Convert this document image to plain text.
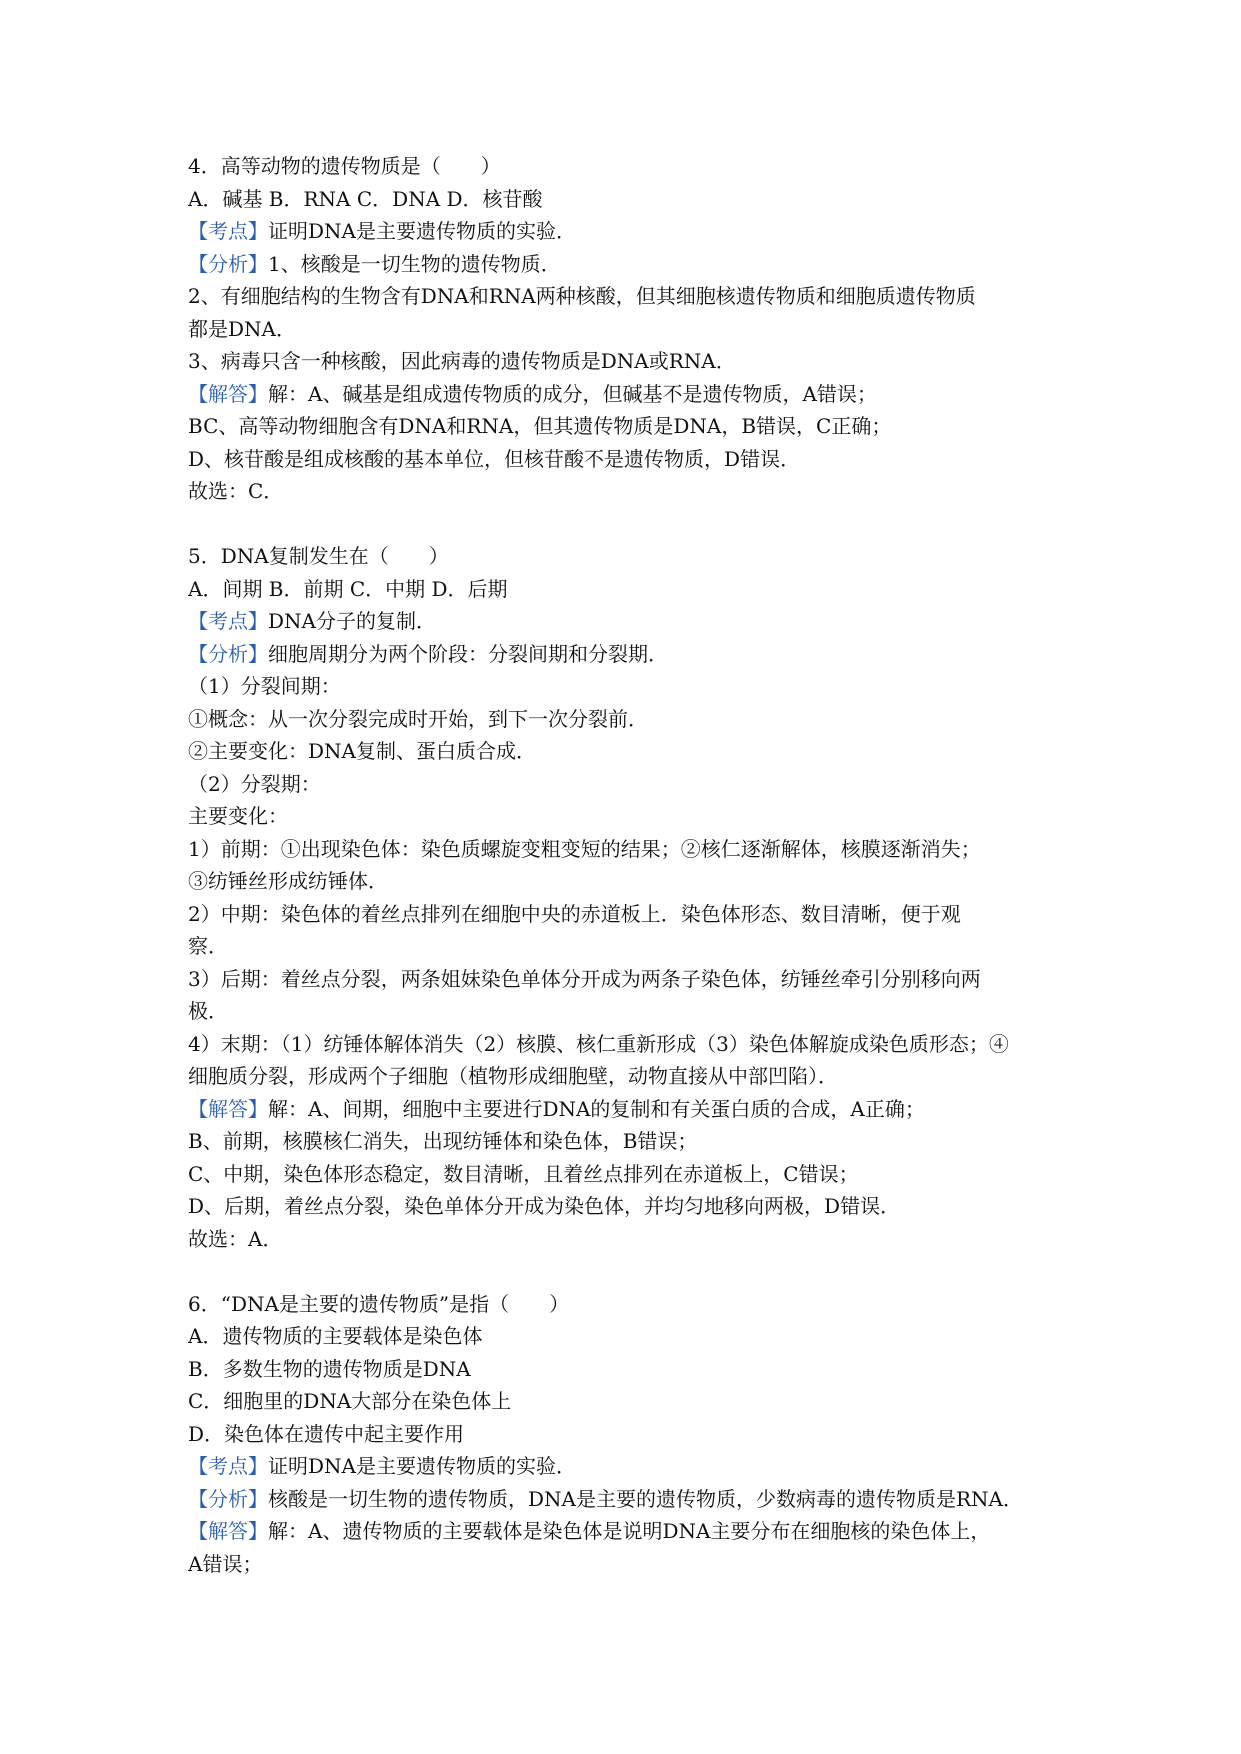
4．高等动物的遗传物质是（　　）
A．碱基 B．RNA C．DNA D．核苷酸
【考点】证明DNA是主要遗传物质的实验．
【分析】1、核酸是一切生物的遗传物质．
2、有细胞结构的生物含有DNA和RNA两种核酸，但其细胞核遗传物质和细胞质遗传物质
都是DNA．
3、病毒只含一种核酸，因此病毒的遗传物质是DNA或RNA．
【解答】解：A、碱基是组成遗传物质的成分，但碱基不是遗传物质，A错误；
BC、高等动物细胞含有DNA和RNA，但其遗传物质是DNA，B错误，C正确；
D、核苷酸是组成核酸的基本单位，但核苷酸不是遗传物质，D错误．
故选：C．
5．DNA复制发生在（　　）
A．间期 B．前期 C．中期 D．后期
【考点】DNA分子的复制．
【分析】细胞周期分为两个阶段：分裂间期和分裂期．
（1）分裂间期：
①概念：从一次分裂完成时开始，到下一次分裂前．
②主要变化：DNA复制、蛋白质合成．
（2）分裂期：
主要变化：
1）前期：①出现染色体：染色质螺旋变粗变短的结果；②核仁逐渐解体，核膜逐渐消失；
③纺锤丝形成纺锤体．
2）中期：染色体的着丝点排列在细胞中央的赤道板上．染色体形态、数目清晰，便于观
察．
3）后期：着丝点分裂，两条姐妹染色单体分开成为两条子染色体，纺锤丝牵引分别移向两
极．
4）末期：（1）纺锤体解体消失（2）核膜、核仁重新形成（3）染色体解旋成染色质形态；④
细胞质分裂，形成两个子细胞（植物形成细胞壁，动物直接从中部凹陷）．
【解答】解：A、间期，细胞中主要进行DNA的复制和有关蛋白质的合成，A正确；
B、前期，核膜核仁消失，出现纺锤体和染色体，B错误；
C、中期，染色体形态稳定，数目清晰，且着丝点排列在赤道板上，C错误；
D、后期，着丝点分裂，染色单体分开成为染色体，并均匀地移向两极，D错误．
故选：A．
6．“DNA是主要的遗传物质”是指（　　）
A．遗传物质的主要载体是染色体
B．多数生物的遗传物质是DNA
C．细胞里的DNA大部分在染色体上
D．染色体在遗传中起主要作用
【考点】证明DNA是主要遗传物质的实验．
【分析】核酸是一切生物的遗传物质，DNA是主要的遗传物质，少数病毒的遗传物质是RNA．
【解答】解：A、遗传物质的主要载体是染色体是说明DNA主要分布在细胞核的染色体上，
A错误；
